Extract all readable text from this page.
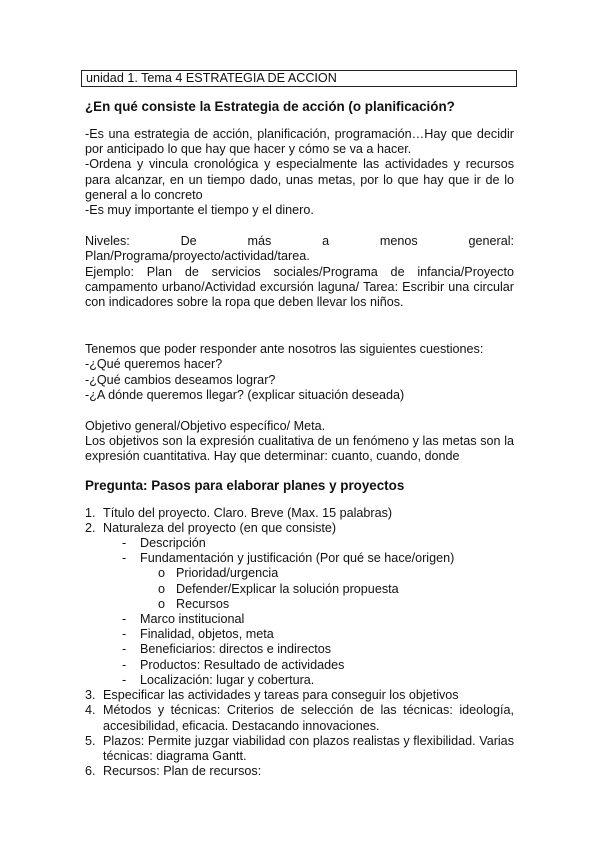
unidad 1. Tema 4 ESTRATEGIA DE ACCION
¿En qué consiste la Estrategia de acción (o planificación?

-Es una estrategia de acción, planificación, programación…Hay que decidir por anticipado lo que hay que hacer y cómo se va a hacer.

-Ordena y vincula cronológica y especialmente las actividades y recursos para alcanzar, en un tiempo dado, unas metas, por lo que hay que ir de lo general a lo concreto

-Es muy importante el tiempo y el dinero.

Niveles: De más a menos general:

Plan/Programa/proyecto/actividad/tarea.

Ejemplo: Plan de servicios sociales/Programa de infancia/Proyecto campamento urbano/Actividad excursión laguna/ Tarea: Escribir una circular con indicadores sobre la ropa que deben llevar los niños.

Tenemos que poder responder ante nosotros las siguientes cuestiones:

-¿Qué queremos hacer?

-¿Qué cambios deseamos lograr?

-¿A dónde queremos llegar? (explicar situación deseada)

Objetivo general/Objetivo específico/ Meta.

Los objetivos son la expresión cualitativa de un fenómeno y las metas son la expresión cuantitativa. Hay que determinar: cuanto, cuando, donde

Pregunta: Pasos para elaborar planes y proyectos
1. Título del proyecto. Claro. Breve (Max. 15 palabras)
2. Naturaleza del proyecto (en que consiste)
- Descripción
- Fundamentación y justificación (Por qué se hace/origen)
o Prioridad/urgencia
o Defender/Explicar la solución propuesta
o Recursos
- Marco institucional
- Finalidad, objetos, meta
- Beneficiarios: directos e indirectos
- Productos: Resultado de actividades
- Localización: lugar y cobertura.
3. Especificar las actividades y tareas para conseguir los objetivos
4. Métodos y técnicas: Criterios de selección de las técnicas: ideología, accesibilidad, eficacia. Destacando innovaciones.
5. Plazos: Permite juzgar viabilidad con plazos realistas y flexibilidad. Varias técnicas: diagrama Gantt.
6. Recursos: Plan de recursos:
